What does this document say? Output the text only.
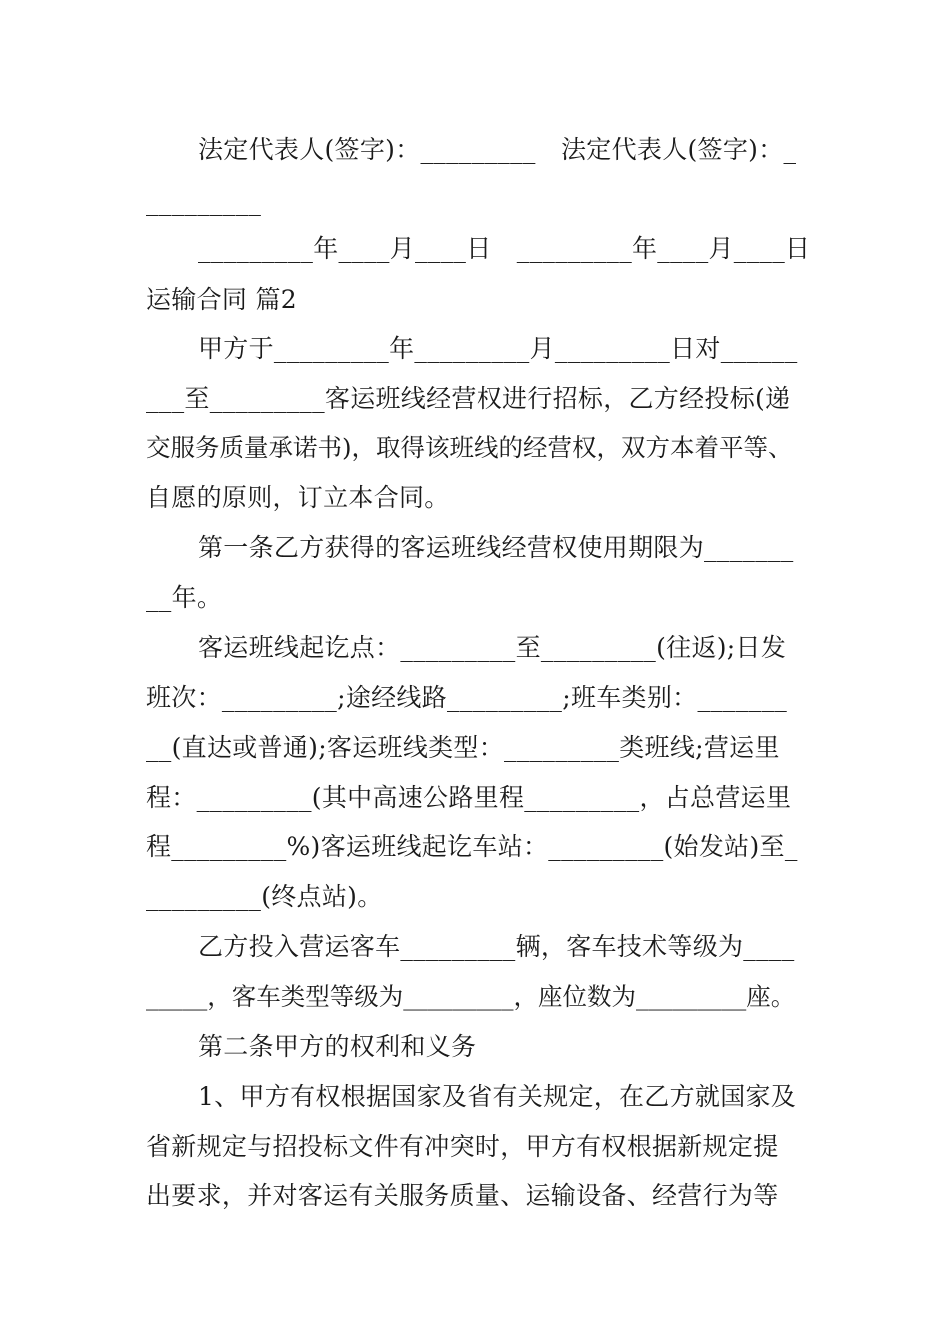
法定代表人(签字)：_________　法定代表人(签字)：_
_________
_________年____月____日　_________年____月____日
运输合同 篇2
甲方于_________年_________月_________日对______
___至_________客运班线经营权进行招标，乙方经投标(递
交服务质量承诺书)，取得该班线的经营权，双方本着平等、
自愿的原则，订立本合同。
第一条乙方获得的客运班线经营权使用期限为_______
__年。
客运班线起讫点：_________至_________(往返);日发
班次：_________;途经线路_________;班车类别：_______
__(直达或普通);客运班线类型：_________类班线;营运里
程：_________(其中高速公路里程_________，占总营运里
程_________%)客运班线起讫车站：_________(始发站)至_
_________(终点站)。
乙方投入营运客车_________辆，客车技术等级为____
_____，客车类型等级为_________，座位数为_________座。
第二条甲方的权利和义务
1、甲方有权根据国家及省有关规定，在乙方就国家及
省新规定与招投标文件有冲突时，甲方有权根据新规定提
出要求，并对客运有关服务质量、运输设备、经营行为等
